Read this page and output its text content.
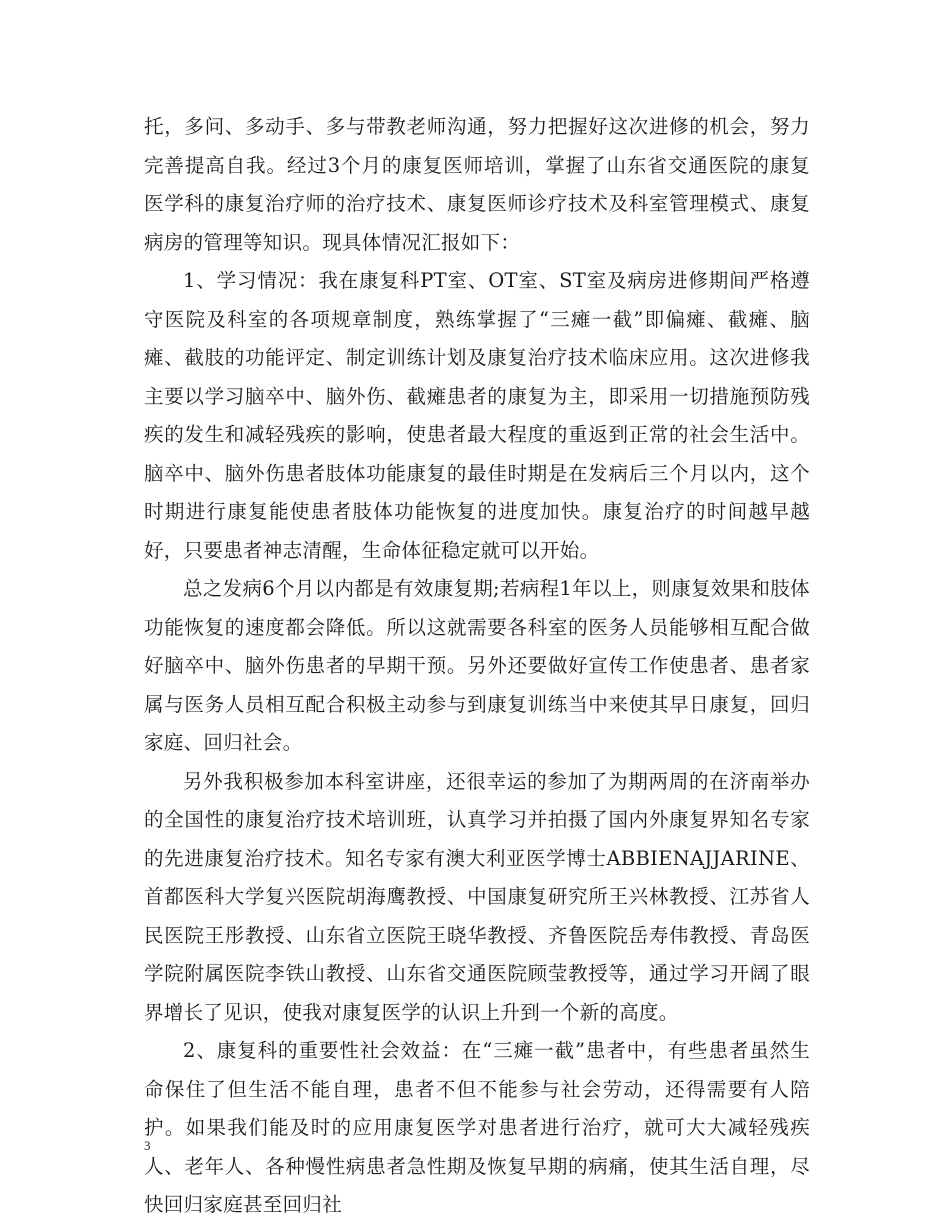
托，多问、多动手、多与带教老师沟通，努力把握好这次进修的机会，努力完善提高自我。经过3个月的康复医师培训，掌握了山东省交通医院的康复医学科的康复治疗师的治疗技术、康复医师诊疗技术及科室管理模式、康复病房的管理等知识。现具体情况汇报如下：

1、学习情况：我在康复科PT室、OT室、ST室及病房进修期间严格遵守医院及科室的各项规章制度，熟练掌握了“三瘫一截”即偏瘫、截瘫、脑瘫、截肢的功能评定、制定训练计划及康复治疗技术临床应用。这次进修我主要以学习脑卒中、脑外伤、截瘫患者的康复为主，即采用一切措施预防残疾的发生和减轻残疾的影响，使患者最大程度的重返到正常的社会生活中。脑卒中、脑外伤患者肢体功能康复的最佳时期是在发病后三个月以内，这个时期进行康复能使患者肢体功能恢复的进度加快。康复治疗的时间越早越好，只要患者神志清醒，生命体征稳定就可以开始。

总之发病6个月以内都是有效康复期;若病程1年以上，则康复效果和肢体功能恢复的速度都会降低。所以这就需要各科室的医务人员能够相互配合做好脑卒中、脑外伤患者的早期干预。另外还要做好宣传工作使患者、患者家属与医务人员相互配合积极主动参与到康复训练当中来使其早日康复，回归家庭、回归社会。

另外我积极参加本科室讲座，还很幸运的参加了为期两周的在济南举办的全国性的康复治疗技术培训班，认真学习并拍摄了国内外康复界知名专家的先进康复治疗技术。知名专家有澳大利亚医学博士ABBIENAJJARINE、首都医科大学复兴医院胡海鹰教授、中国康复研究所王兴林教授、江苏省人民医院王彤教授、山东省立医院王晓华教授、齐鲁医院岳寿伟教授、青岛医学院附属医院李铁山教授、山东省交通医院顾莹教授等，通过学习开阔了眼界增长了见识，使我对康复医学的认识上升到一个新的高度。

2、康复科的重要性社会效益：在“三瘫一截”患者中，有些患者虽然生命保住了但生活不能自理，患者不但不能参与社会劳动，还得需要有人陪护。如果我们能及时的应用康复医学对患者进行治疗，就可大大减轻残疾人、老年人、各种慢性病患者急性期及恢复早期的病痛，使其生活自理，尽快回归家庭甚至回归社

3
